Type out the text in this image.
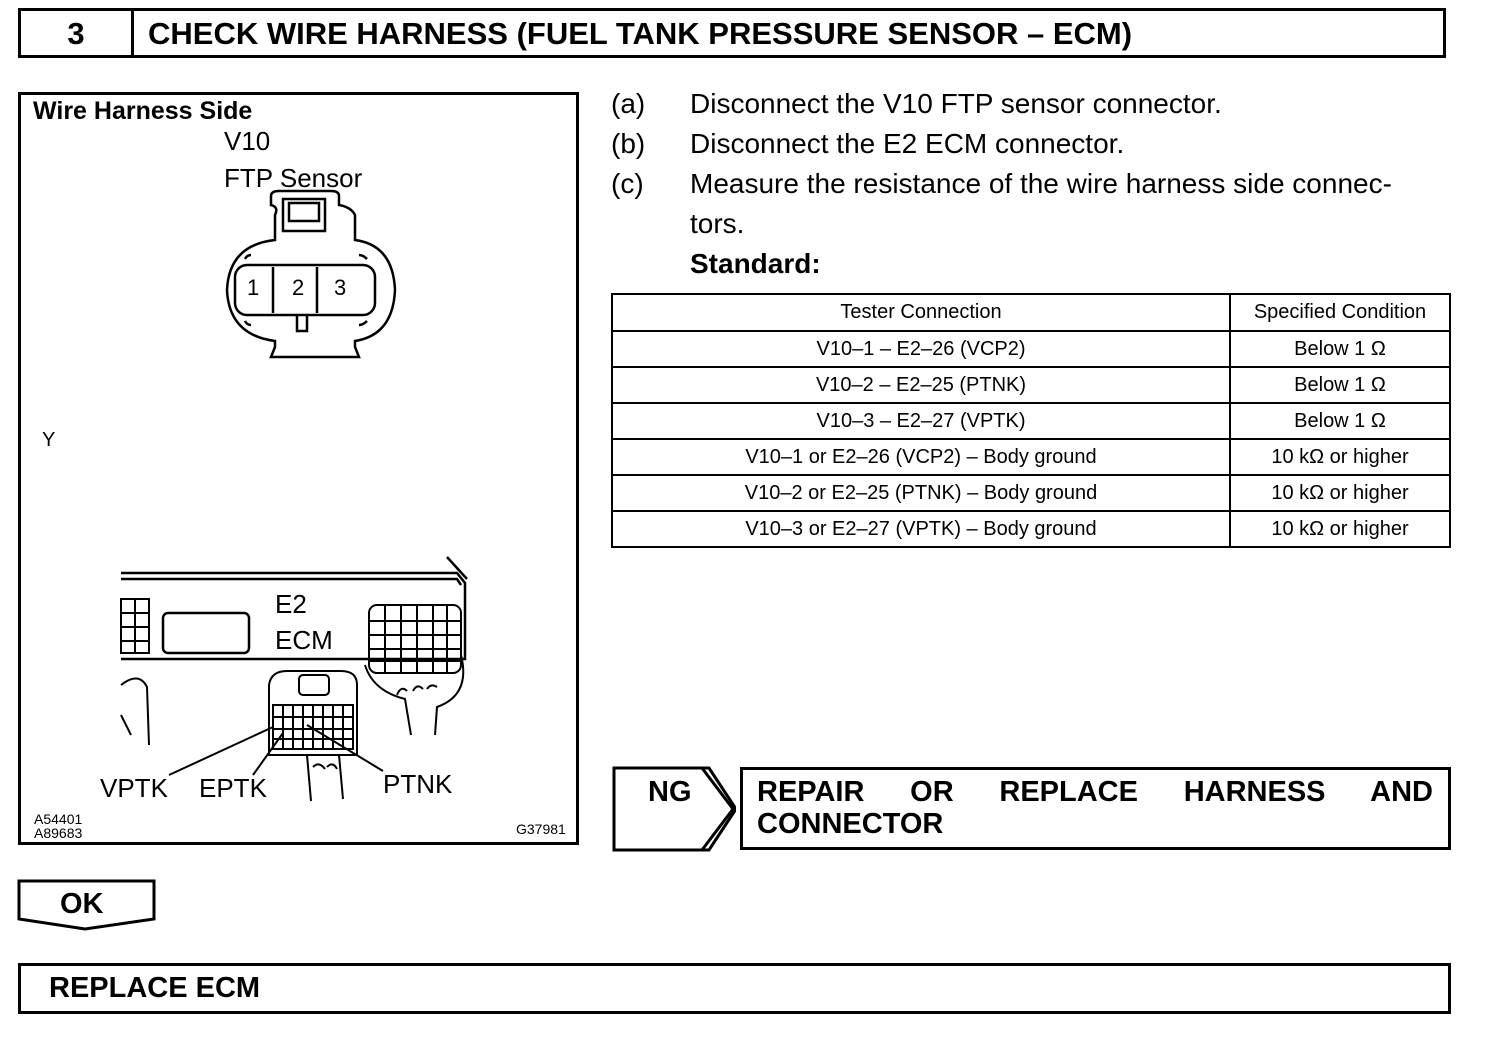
3	CHECK WIRE HARNESS (FUEL TANK PRESSURE SENSOR – ECM)
Wire Harness Side
V10
FTP Sensor
1 2 3
Y
E2
ECM
VPTK EPTK	PTNK
A54401
A89683	G37981
(a) Disconnect the V10 FTP sensor connector.
(b) Disconnect the E2 ECM connector.
(c) Measure the resistance of the wire harness side connec-
tors.
Standard:
Tester Connection	Specified Condition
V10–1 – E2–26 (VCP2)	Below 1 Ω
V10–2 – E2–25 (PTNK)	Below 1 Ω
V10–3 – E2–27 (VPTK)	Below 1 Ω
V10–1 or E2–26 (VCP2) – Body ground	10 kΩ or higher
V10–2 or E2–25 (PTNK) – Body ground	10 kΩ or higher
V10–3 or E2–27 (VPTK) – Body ground	10 kΩ or higher
NG REPAIR OR REPLACE HARNESS AND
CONNECTOR
OK
REPLACE ECM
